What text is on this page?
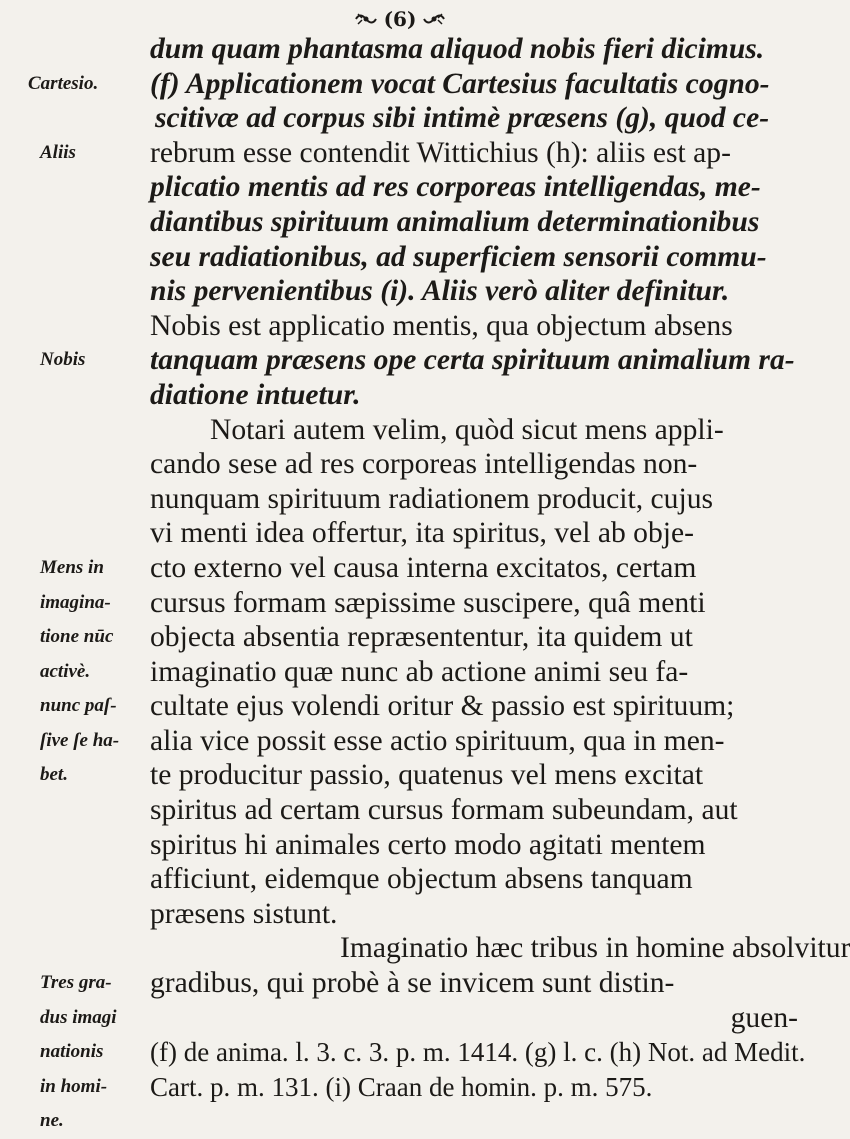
(6)
Cartesio.
Aliis
Nobis
Mens in
imagina-
tione nūc
activè.
nunc paſ-
ſive ſe ha-
bet.
Tres gra-
dus imagi
nationis
in homi-
ne.
dum quam phantasma aliquod nobis fieri dicimus.
(f) Applicationem vocat Cartesius facultatis cogno-
scitivæ ad corpus sibi intimè præsens (g), quod ce-
rebrum esse contendit Wittichius (h): aliis est ap-
plicatio mentis ad res corporeas intelligendas, me-
diantibus spirituum animalium determinationibus
seu radiationibus, ad superficiem sensorii commu-
nis pervenientibus (i). Aliis verò aliter definitur.
Nobis est applicatio mentis, qua objectum absens
tanquam præsens ope certa spirituum animalium ra-
diatione intuetur.
Notari autem velim, quòd sicut mens appli-
cando sese ad res corporeas intelligendas non-
nunquam spirituum radiationem producit, cujus
vi menti idea offertur, ita spiritus, vel ab obje-
cto externo vel causa interna excitatos, certam
cursus formam sæpissime suscipere, quâ menti
objecta absentia repræsententur, ita quidem ut
imaginatio quæ nunc ab actione animi seu fa-
cultate ejus volendi oritur & passio est spirituum;
alia vice possit esse actio spirituum, qua in men-
te producitur passio, quatenus vel mens excitat
spiritus ad certam cursus formam subeundam, aut
spiritus hi animales certo modo agitati mentem
afficiunt, eidemque objectum absens tanquam
præsens sistunt.
Imaginatio hæc tribus in homine absolvitur
gradibus, qui probè à se invicem sunt distin-
guen-
(f) de anima. l. 3. c. 3. p. m. 1414. (g) l. c. (h) Not. ad Medit.
Cart. p. m. 131. (i) Craan de homin. p. m. 575.
